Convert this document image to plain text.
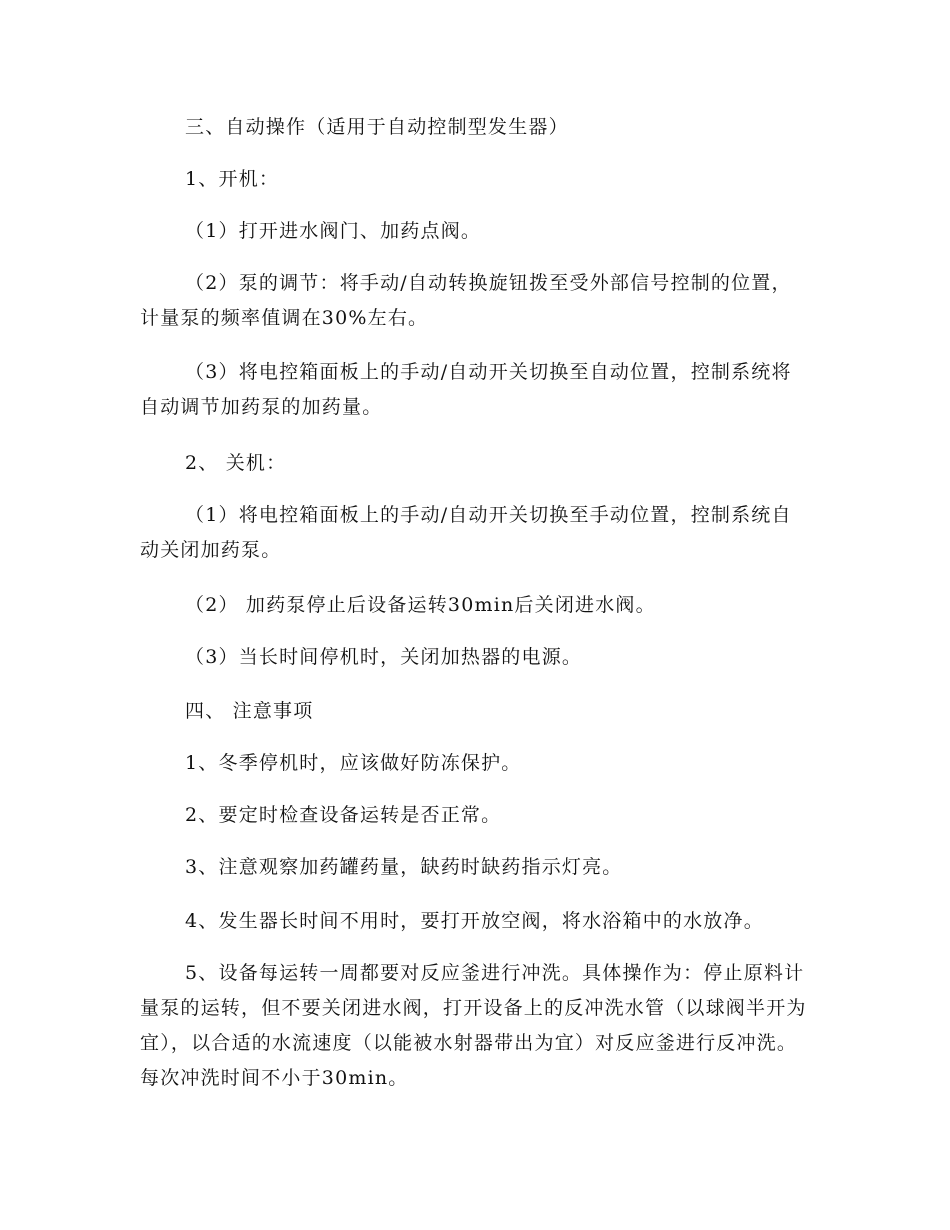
三、自动操作（适用于自动控制型发生器）
1、开机：
（1）打开进水阀门、加药点阀。
（2）泵的调节：将手动/自动转换旋钮拨至受外部信号控制的位置，计量泵的频率值调在30%左右。
（3）将电控箱面板上的手动/自动开关切换至自动位置，控制系统将自动调节加药泵的加药量。
2、 关机：
（1）将电控箱面板上的手动/自动开关切换至手动位置，控制系统自动关闭加药泵。
（2） 加药泵停止后设备运转30min后关闭进水阀。
（3）当长时间停机时，关闭加热器的电源。
四、 注意事项
1、冬季停机时，应该做好防冻保护。
2、要定时检查设备运转是否正常。
3、注意观察加药罐药量，缺药时缺药指示灯亮。
4、发生器长时间不用时，要打开放空阀，将水浴箱中的水放净。
5、设备每运转一周都要对反应釜进行冲洗。具体操作为：停止原料计量泵的运转，但不要关闭进水阀，打开设备上的反冲洗水管（以球阀半开为宜），以合适的水流速度（以能被水射器带出为宜）对反应釜进行反冲洗。每次冲洗时间不小于30min。
